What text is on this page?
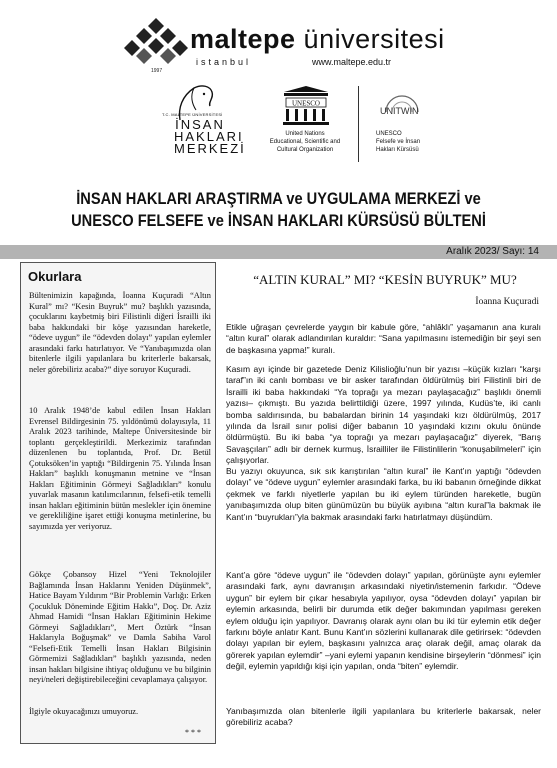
1997
maltepe üniversitesi
istanbul	www.maltepe.edu.tr
T.C. MALTEPE ÜNİVERSİTESİ
İNSAN
HAKLARI
MERKEZİ
UNESCO
United Nations
Educational, Scientific and
Cultural Organization
UNITWIN
UNESCO
Felsefe ve İnsan
Hakları Kürsüsü
İNSAN HAKLARI ARAŞTIRMA ve UYGULAMA MERKEZİ ve
UNESCO FELSEFE ve İNSAN HAKLARI KÜRSÜSÜ BÜLTENİ
Aralık 2023/ Sayı: 14
Okurlara
Bültenimizin kapağında, İoanna Kuçuradi “Altın Kural” mı? “Kesin Buyruk” mu? başlıklı yazısında, çocuklarını kaybetmiş biri Filistinli diğeri İsrailli iki baba hakkındaki bir köşe yazısından hareketle, “ödeve uygun” ile “ödevden dolayı” yapılan eylemler arasındaki farkı hatırlatıyor. Ve “Yanıbaşımızda olan bitenlerle ilgili yapılanlara bu kriterlerle bakarsak, neler görebiliriz acaba?” diye soruyor Kuçuradi.
10 Aralık 1948’de kabul edilen İnsan Hakları Evrensel Bildirgesinin 75. yıldönümü dolayısıyla, 11 Aralık 2023 tarihinde, Maltepe Üniversitesinde bir toplantı gerçekleştirildi. Merkezimiz tarafından düzenlenen bu toplantıda, Prof. Dr. Betül Çotuksöken’in yaptığı “Bildirgenin 75. Yılında İnsan Hakları” başlıklı konuşmanın metnine ve “İnsan Hakları Eğitiminin Görmeyi Sağladıkları” konulu yuvarlak masanın katılımcılarının, felsefi-etik temelli insan hakları eğitiminin bütün meslekler için önemine ve gerekliliğine işaret ettiği konuşma metinlerine, bu sayımızda yer veriyoruz.
Gökçe Çobansoy Hizel “Yeni Teknolojiler Bağlamında İnsan Haklarını Yeniden Düşünmek”, Hatice Bayam Yıldırım “Bir Problemin Varlığı: Erken Çocukluk Döneminde Eğitim Hakkı”, Doç. Dr. Aziz Ahmad Hamidi “İnsan Hakları Eğitiminin Hekime Görmeyi Sağladıkları”, Mert Öztürk “İnsan Haklarıyla Boğuşmak” ve Damla Sabiha Varol “Felsefi-Etik Temelli İnsan Hakları Bilgisinin Görmemizi Sağladıkları” başlıklı yazısında, neden insan hakları bilgisine ihtiyaç olduğunu ve bu bilginin neyi/neleri değiştirebileceğini cevaplamaya çalışıyor.
İlgiyle okuyacağınızı umuyoruz.
***
“ALTIN KURAL” MI? “KESİN BUYRUK” MU?
İoanna Kuçuradi
Etikle uğraşan çevrelerde yaygın bir kabule göre, “ahlâklı” yaşamanın ana kuralı “altın kural” olarak adlandırılan kuraldır: “Sana yapılmasını istemediğin bir şeyi sen de başkasına yapma!” kuralı.
Kasım ayı içinde bir gazetede Deniz Kilislioğlu’nun bir yazısı –küçük kızları “karşı taraf”ın iki canlı bombası ve bir asker tarafından öldürülmüş biri Filistinli biri de İsrailli iki baba hakkındaki “Ya toprağı ya mezarı paylaşacağız” başlıklı önemli yazısı– çıkmıştı. Bu yazıda belirttildiği üzere, 1997 yılında, Kudüs’te, iki canlı bomba saldırısında, bu babalardan birinin 14 yaşındaki kızı öldürülmüş, 2017 yılında da İsrail sınır polisi diğer babanın 10 yaşındaki kızını okulu önünde öldürmüştü. Bu iki baba “ya toprağı ya mezarı paylaşacağız” diyerek, “Barış Savaşçıları” adlı bir dernek kurmuş, İsrailliler ile Filistinlilerin “konuşabilmeleri” için çalışıyorlar.
Bu yazıyı okuyunca, sık sık karıştırılan “altın kural” ile Kant’ın yaptığı “ödevden dolayı” ve “ödeve uygun” eylemler arasındaki farka, bu iki babanın örneğinde dikkat çekmek ve farklı niyetlerle yapılan bu iki eylem türünden hareketle, bugün yanıbaşımızda olup biten günümüzün bu büyük ayıbına “altın kural”la bakmak ile Kant’ın “buyrukları”yla bakmak arasındaki farkı hatırlatmayı düşündüm.
Kant’a göre “ödeve uygun” ile “ödevden dolayı” yapılan, görünüşte aynı eylemler arasındaki fark, aynı davranışın arkasındaki niyetin/istemenin farkıdır. “Ödeve uygun” bir eylem bir çıkar hesabıyla yapılıyor, oysa “ödevden dolayı” yapılan bir eylemin arkasında, belirli bir durumda etik değer bakımından yapılması gereken eylem olduğu için yapılıyor. Davranış olarak aynı olan bu iki tür eylemin etik değer farkını böyle anlatır Kant. Bunu Kant’ın sözlerini kullanarak dile getirirsek: “ödevden dolayı yapılan bir eylem, başkasını yalnızca araç olarak değil, amaç olarak da görerek yapılan eylemdir” –yani eylemi yapanın kendisine birşeylerin “dönmesi” için değil, eylemin yapıldığı kişi için yapılan, onda “biten” eylemdir.
Yanıbaşımızda olan bitenlerle ilgili yapılanlara bu kriterlerle bakarsak, neler görebiliriz acaba?
